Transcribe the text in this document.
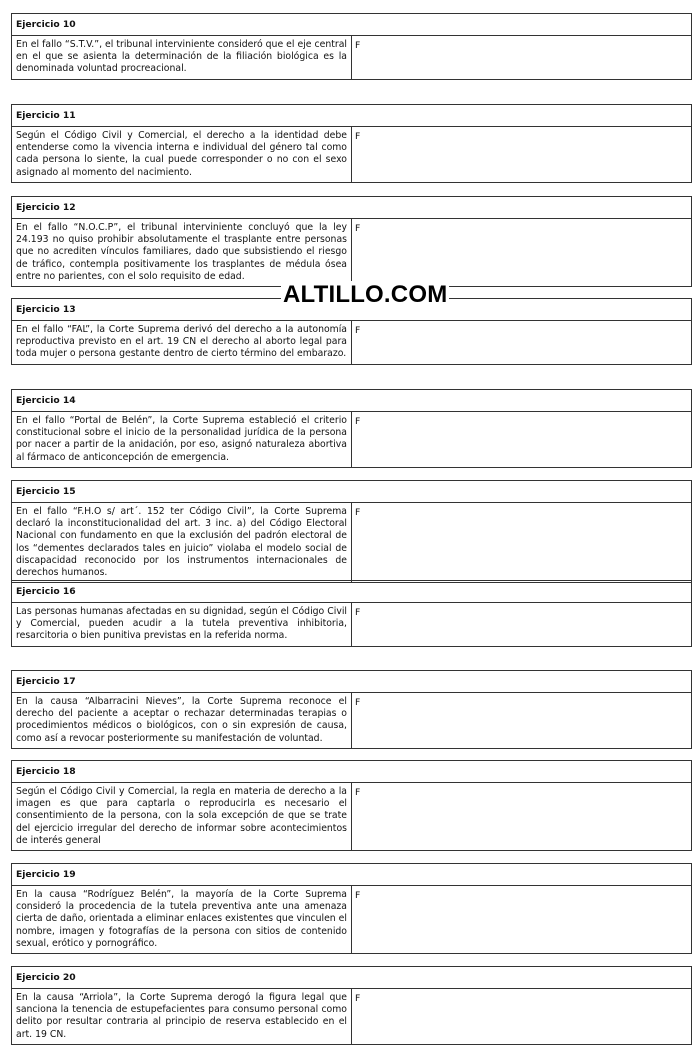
Ejercicio 10
En el fallo “S.T.V.”, el tribunal interviniente consideró que el eje central en el que se asienta la determinación de la filiación biológica es la denominada voluntad procreacional.	F
Ejercicio 11
Según el Código Civil y Comercial, el derecho a la identidad debe entenderse como la vivencia interna e individual del género tal como cada persona lo siente, la cual puede corresponder o no con el sexo asignado al momento del nacimiento.	F
Ejercicio 12
En el fallo “N.O.C.P”, el tribunal interviniente concluyó que la ley 24.193 no quiso prohibir absolutamente el trasplante entre personas que no acrediten vínculos familiares, dado que subsistiendo el riesgo de tráfico, contempla positivamente los trasplantes de médula ósea entre no parientes, con el solo requisito de edad.	F
Ejercicio 13
En el fallo “FAL”, la Corte Suprema derivó del derecho a la autonomía reproductiva previsto en el art. 19 CN el derecho al aborto legal para toda mujer o persona gestante dentro de cierto término del embarazo.	F
Ejercicio 14
En el fallo “Portal de Belén”, la Corte Suprema estableció el criterio constitucional sobre el inicio de la personalidad jurídica de la persona por nacer a partir de la anidación, por eso, asignó naturaleza abortiva al fármaco de anticoncepción de emergencia.	F
Ejercicio 15
En el fallo “F.H.O s/ art´. 152 ter Código Civil”, la Corte Suprema declaró la inconstitucionalidad del art. 3 inc. a) del Código Electoral Nacional con fundamento en que la exclusión del padrón electoral de los “dementes declarados tales en juicio” violaba el modelo social de discapacidad reconocido por los instrumentos internacionales de derechos humanos.	F
Ejercicio 16
Las personas humanas afectadas en su dignidad, según el Código Civil y Comercial, pueden acudir a la tutela preventiva inhibitoria, resarcitoria o bien punitiva previstas en la referida norma.	F
Ejercicio 17
En la causa “Albarracini Nieves”, la Corte Suprema reconoce el derecho del paciente a aceptar o rechazar determinadas terapias o procedimientos médicos o biológicos, con o sin expresión de causa, como así a revocar posteriormente su manifestación de voluntad.	F
Ejercicio 18
Según el Código Civil y Comercial, la regla en materia de derecho a la imagen es que para captarla o reproducirla es necesario el consentimiento de la persona, con la sola excepción de que se trate del ejercicio irregular del derecho de informar sobre acontecimientos de interés general	F
Ejercicio 19
En la causa “Rodríguez Belén”, la mayoría de la Corte Suprema consideró la procedencia de la tutela preventiva ante una amenaza cierta de daño, orientada a eliminar enlaces existentes que vinculen el nombre, imagen y fotografías de la persona con sitios de contenido sexual, erótico y pornográfico.	F
Ejercicio 20
En la causa “Arriola”, la Corte Suprema derogó la figura legal que sanciona la tenencia de estupefacientes para consumo personal como delito por resultar contraria al principio de reserva establecido en el art. 19 CN.	F
ALTILLO.COM
